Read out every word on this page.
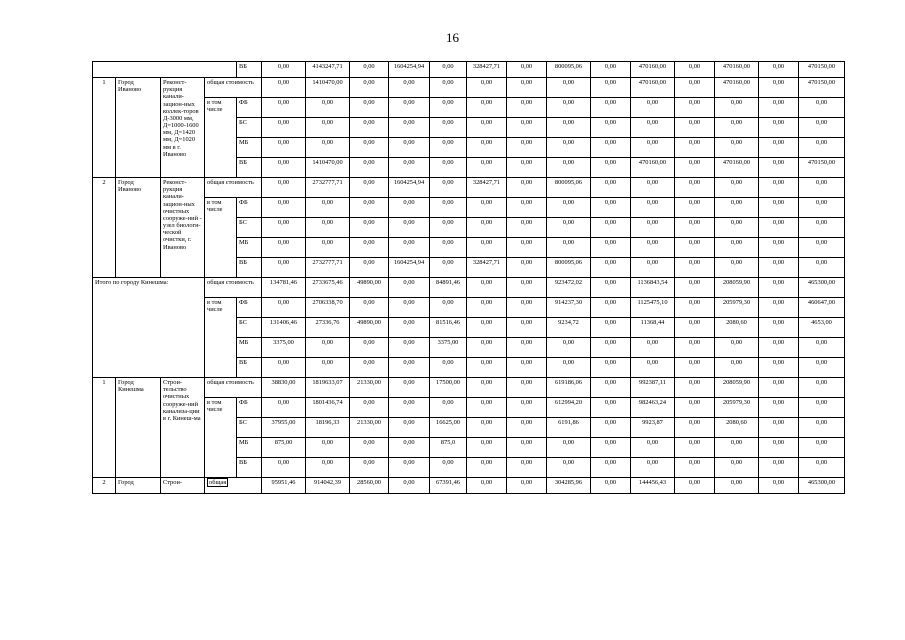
16
				ВБ	0,00	4143247,71	0,00	1604254,94	0,00	328427,71	0,00	800095,06	0,00	470160,00	0,00	470160,00	0,00	470150,00
1	Город Иваново	Реконст-рукция канали-зацион-ных коллек-торов Д-3000 мм, Д=1000-1600 мм, Д=1420 мм, Д=1020 мм в г. Иваново	общая стоимость		0,00	1410470,00	0,00	0,00	0,00	0,00	0,00	0,00	0,00	470160,00	0,00	470160,00	0,00	470150,00
			в том числе	ФБ	0,00	0,00	0,00	0,00	0,00	0,00	0,00	0,00	0,00	0,00	0,00	0,00	0,00	0,00
				БС	0,00	0,00	0,00	0,00	0,00	0,00	0,00	0,00	0,00	0,00	0,00	0,00	0,00	0,00
				МБ	0,00	0,00	0,00	0,00	0,00	0,00	0,00	0,00	0,00	0,00	0,00	0,00	0,00	0,00
				ВБ	0,00	1410470,00	0,00	0,00	0,00	0,00	0,00	0,00	0,00	470160,00	0,00	470160,00	0,00	470150,00
2	Город Иваново	Реконст-рукция канали-зацион-ных очистных сооруже-ний - узел биологи-ческой очистки, г. Иваново	общая стоимость		0,00	2732777,71	0,00	1604254,94	0,00	328427,71	0,00	800095,06	0,00	0,00	0,00	0,00	0,00	0,00
			в том числе	ФБ	0,00	0,00	0,00	0,00	0,00	0,00	0,00	0,00	0,00	0,00	0,00	0,00	0,00	0,00
				БС	0,00	0,00	0,00	0,00	0,00	0,00	0,00	0,00	0,00	0,00	0,00	0,00	0,00	0,00
				МБ	0,00	0,00	0,00	0,00	0,00	0,00	0,00	0,00	0,00	0,00	0,00	0,00	0,00	0,00
				ВБ	0,00	2732777,71	0,00	1604254,94	0,00	328427,71	0,00	800095,06	0,00	0,00	0,00	0,00	0,00	0,00
Итого по городу Кинешма:			общая стоимость		134781,46	2733675,46	49890,00	0,00	84891,46	0,00	0,00	923472,02	0,00	1136843,54	0,00	208059,90	0,00	465300,00
			в том числе	ФБ	0,00	2706338,70	0,00	0,00	0,00	0,00	0,00	914237,30	0,00	1125475,10	0,00	205979,30	0,00	460647,00
				БС	131406,46	27336,76	49890,00	0,00	81516,46	0,00	0,00	9234,72	0,00	11368,44	0,00	2080,60	0,00	4653,00
				МБ	3375,00	0,00	0,00	0,00	3375,00	0,00	0,00	0,00	0,00	0,00	0,00	0,00	0,00	0,00
				ВБ	0,00	0,00	0,00	0,00	0,00	0,00	0,00	0,00	0,00	0,00	0,00	0,00	0,00	0,00
1	Город Кинешма	Строи-тельство очистных сооруже-ний канализа-ции в г. Кинеш-ма	общая стоимость		38830,00	1819633,07	21330,00	0,00	17500,00	0,00	0,00	619186,06	0,00	992387,11	0,00	208059,90	0,00	0,00
			в том числе	ФБ	0,00	1801436,74	0,00	0,00	0,00	0,00	0,00	612994,20	0,00	982463,24	0,00	205979,30	0,00	0,00
				БС	37955,00	18196,33	21330,00	0,00	16625,00	0,00	0,00	6191,86	0,00	9923,87	0,00	2080,60	0,00	0,00
				МБ	875,00	0,00	0,00	0,00	875,0	0,00	0,00	0,00	0,00	0,00	0,00	0,00	0,00	0,00
				ВБ	0,00	0,00	0,00	0,00	0,00	0,00	0,00	0,00	0,00	0,00	0,00	0,00	0,00	0,00
2	Город	Строи-	общая		95951,46	914042,39	28560,00	0,00	67391,46	0,00	0,00	304285,96	0,00	144456,43	0,00	0,00	0,00	465300,00
